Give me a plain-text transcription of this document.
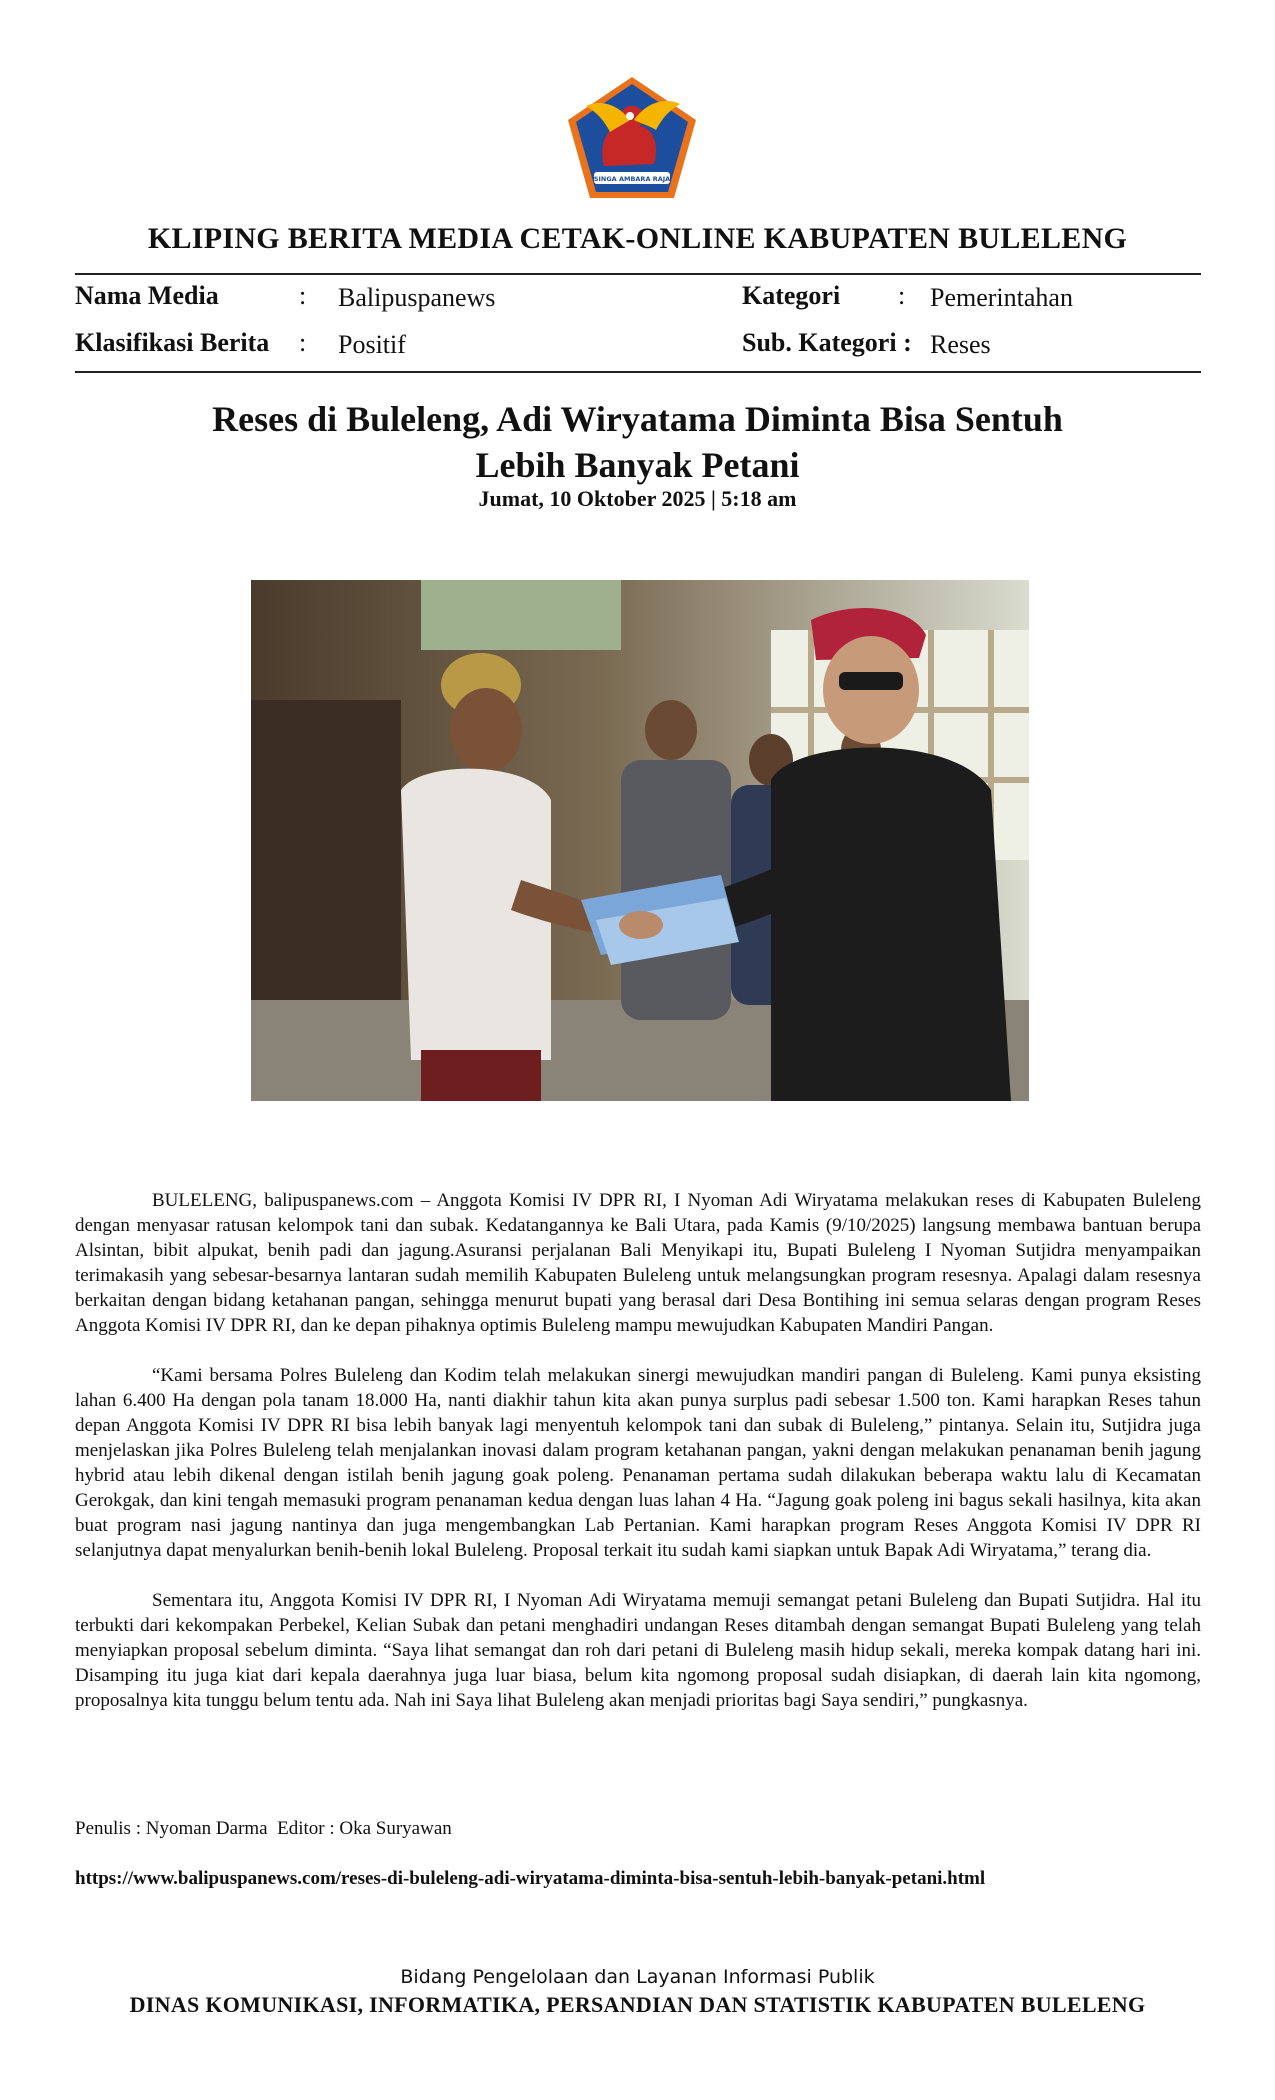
SINGA AMBARA RAJA
KLIPING BERITA MEDIA CETAK-ONLINE KABUPATEN BULELENG
Nama Media	: Balipuspanews
Klasifikasi Berita : Positif
Kategori : Pemerintahan
Sub. Kategori : Reses
Reses di Buleleng, Adi Wiryatama Diminta Bisa Sentuh
Lebih Banyak Petani
Jumat, 10 Oktober 2025 | 5:18 am

BULELENG, balipuspanews.com – Anggota Komisi IV DPR RI, I Nyoman Adi Wiryatama melakukan reses di Kabupaten Buleleng dengan menyasar ratusan kelompok tani dan subak. Kedatangannya ke Bali Utara, pada Kamis (9/10/2025) langsung membawa bantuan berupa Alsintan, bibit alpukat, benih padi dan jagung.Asuransi perjalanan Bali Menyikapi itu, Bupati Buleleng I Nyoman Sutjidra menyampaikan terimakasih yang sebesar-besarnya lantaran sudah memilih Kabupaten Buleleng untuk melangsungkan program resesnya. Apalagi dalam resesnya berkaitan dengan bidang ketahanan pangan, sehingga menurut bupati yang berasal dari Desa Bontihing ini semua selaras dengan program Reses Anggota Komisi IV DPR RI, dan ke depan pihaknya optimis Buleleng mampu mewujudkan Kabupaten Mandiri Pangan.

“Kami bersama Polres Buleleng dan Kodim telah melakukan sinergi mewujudkan mandiri pangan di Buleleng. Kami punya eksisting lahan 6.400 Ha dengan pola tanam 18.000 Ha, nanti diakhir tahun kita akan punya surplus padi sebesar 1.500 ton. Kami harapkan Reses tahun depan Anggota Komisi IV DPR RI bisa lebih banyak lagi menyentuh kelompok tani dan subak di Buleleng,” pintanya. Selain itu, Sutjidra juga menjelaskan jika Polres Buleleng telah menjalankan inovasi dalam program ketahanan pangan, yakni dengan melakukan penanaman benih jagung hybrid atau lebih dikenal dengan istilah benih jagung goak poleng. Penanaman pertama sudah dilakukan beberapa waktu lalu di Kecamatan Gerokgak, dan kini tengah memasuki program penanaman kedua dengan luas lahan 4 Ha. “Jagung goak poleng ini bagus sekali hasilnya, kita akan buat program nasi jagung nantinya dan juga mengembangkan Lab Pertanian. Kami harapkan program Reses Anggota Komisi IV DPR RI selanjutnya dapat menyalurkan benih-benih lokal Buleleng. Proposal terkait itu sudah kami siapkan untuk Bapak Adi Wiryatama,” terang dia.

Sementara itu, Anggota Komisi IV DPR RI, I Nyoman Adi Wiryatama memuji semangat petani Buleleng dan Bupati Sutjidra. Hal itu terbukti dari kekompakan Perbekel, Kelian Subak dan petani menghadiri undangan Reses ditambah dengan semangat Bupati Buleleng yang telah menyiapkan proposal sebelum diminta. “Saya lihat semangat dan roh dari petani di Buleleng masih hidup sekali, mereka kompak datang hari ini. Disamping itu juga kiat dari kepala daerahnya juga luar biasa, belum kita ngomong proposal sudah disiapkan, di daerah lain kita ngomong, proposalnya kita tunggu belum tentu ada. Nah ini Saya lihat Buleleng akan menjadi prioritas bagi Saya sendiri,” pungkasnya.

Penulis : Nyoman Darma  Editor : Oka Suryawan
https://www.balipuspanews.com/reses-di-buleleng-adi-wiryatama-diminta-bisa-sentuh-lebih-banyak-petani.html
Bidang Pengelolaan dan Layanan Informasi Publik
DINAS KOMUNIKASI, INFORMATIKA, PERSANDIAN DAN STATISTIK KABUPATEN BULELENG
